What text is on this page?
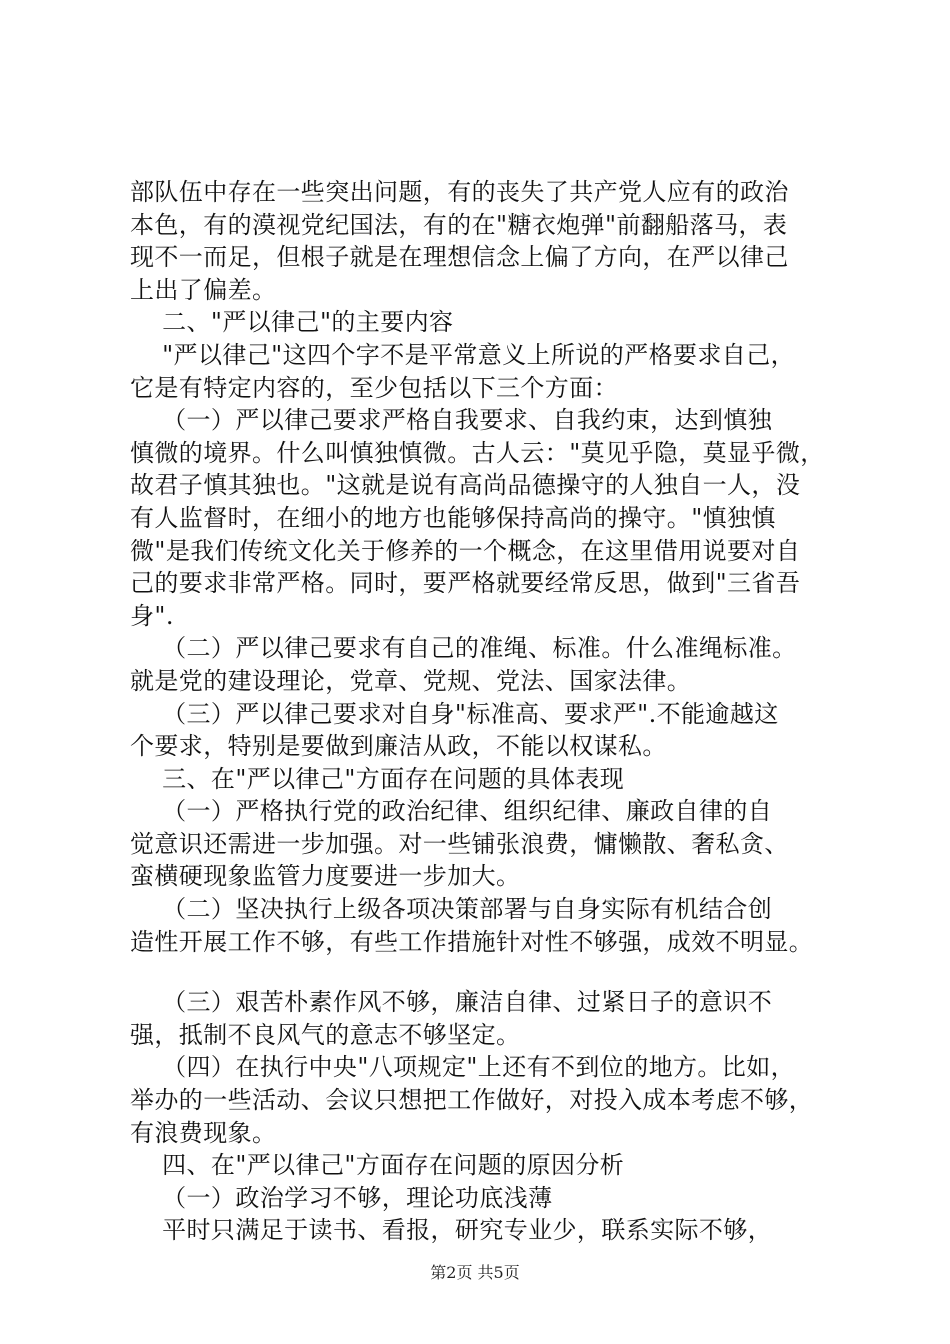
部队伍中存在一些突出问题，有的丧失了共产党人应有的政治
本色，有的漠视党纪国法，有的在"糖衣炮弹"前翻船落马，表
现不一而足，但根子就是在理想信念上偏了方向，在严以律己
上出了偏差。
二、"严以律己"的主要内容
"严以律己"这四个字不是平常意义上所说的严格要求自己，
它是有特定内容的，至少包括以下三个方面：
（一）严以律己要求严格自我要求、自我约束，达到慎独
慎微的境界。什么叫慎独慎微。古人云："莫见乎隐，莫显乎微，
故君子慎其独也。"这就是说有高尚品德操守的人独自一人，没
有人监督时，在细小的地方也能够保持高尚的操守。"慎独慎
微"是我们传统文化关于修养的一个概念，在这里借用说要对自
己的要求非常严格。同时，要严格就要经常反思，做到"三省吾
身".
（二）严以律己要求有自己的准绳、标准。什么准绳标准。
就是党的建设理论，党章、党规、党法、国家法律。
（三）严以律己要求对自身"标准高、要求严".不能逾越这
个要求，特别是要做到廉洁从政，不能以权谋私。
三、在"严以律己"方面存在问题的具体表现
（一）严格执行党的政治纪律、组织纪律、廉政自律的自
觉意识还需进一步加强。对一些铺张浪费，慵懒散、奢私贪、
蛮横硬现象监管力度要进一步加大。
（二）坚决执行上级各项决策部署与自身实际有机结合创
造性开展工作不够，有些工作措施针对性不够强，成效不明显。
（三）艰苦朴素作风不够，廉洁自律、过紧日子的意识不
强，抵制不良风气的意志不够坚定。
（四）在执行中央"八项规定"上还有不到位的地方。比如，
举办的一些活动、会议只想把工作做好，对投入成本考虑不够，
有浪费现象。
四、在"严以律己"方面存在问题的原因分析
（一）政治学习不够，理论功底浅薄
平时只满足于读书、看报，研究专业少，联系实际不够，
第2页 共5页
